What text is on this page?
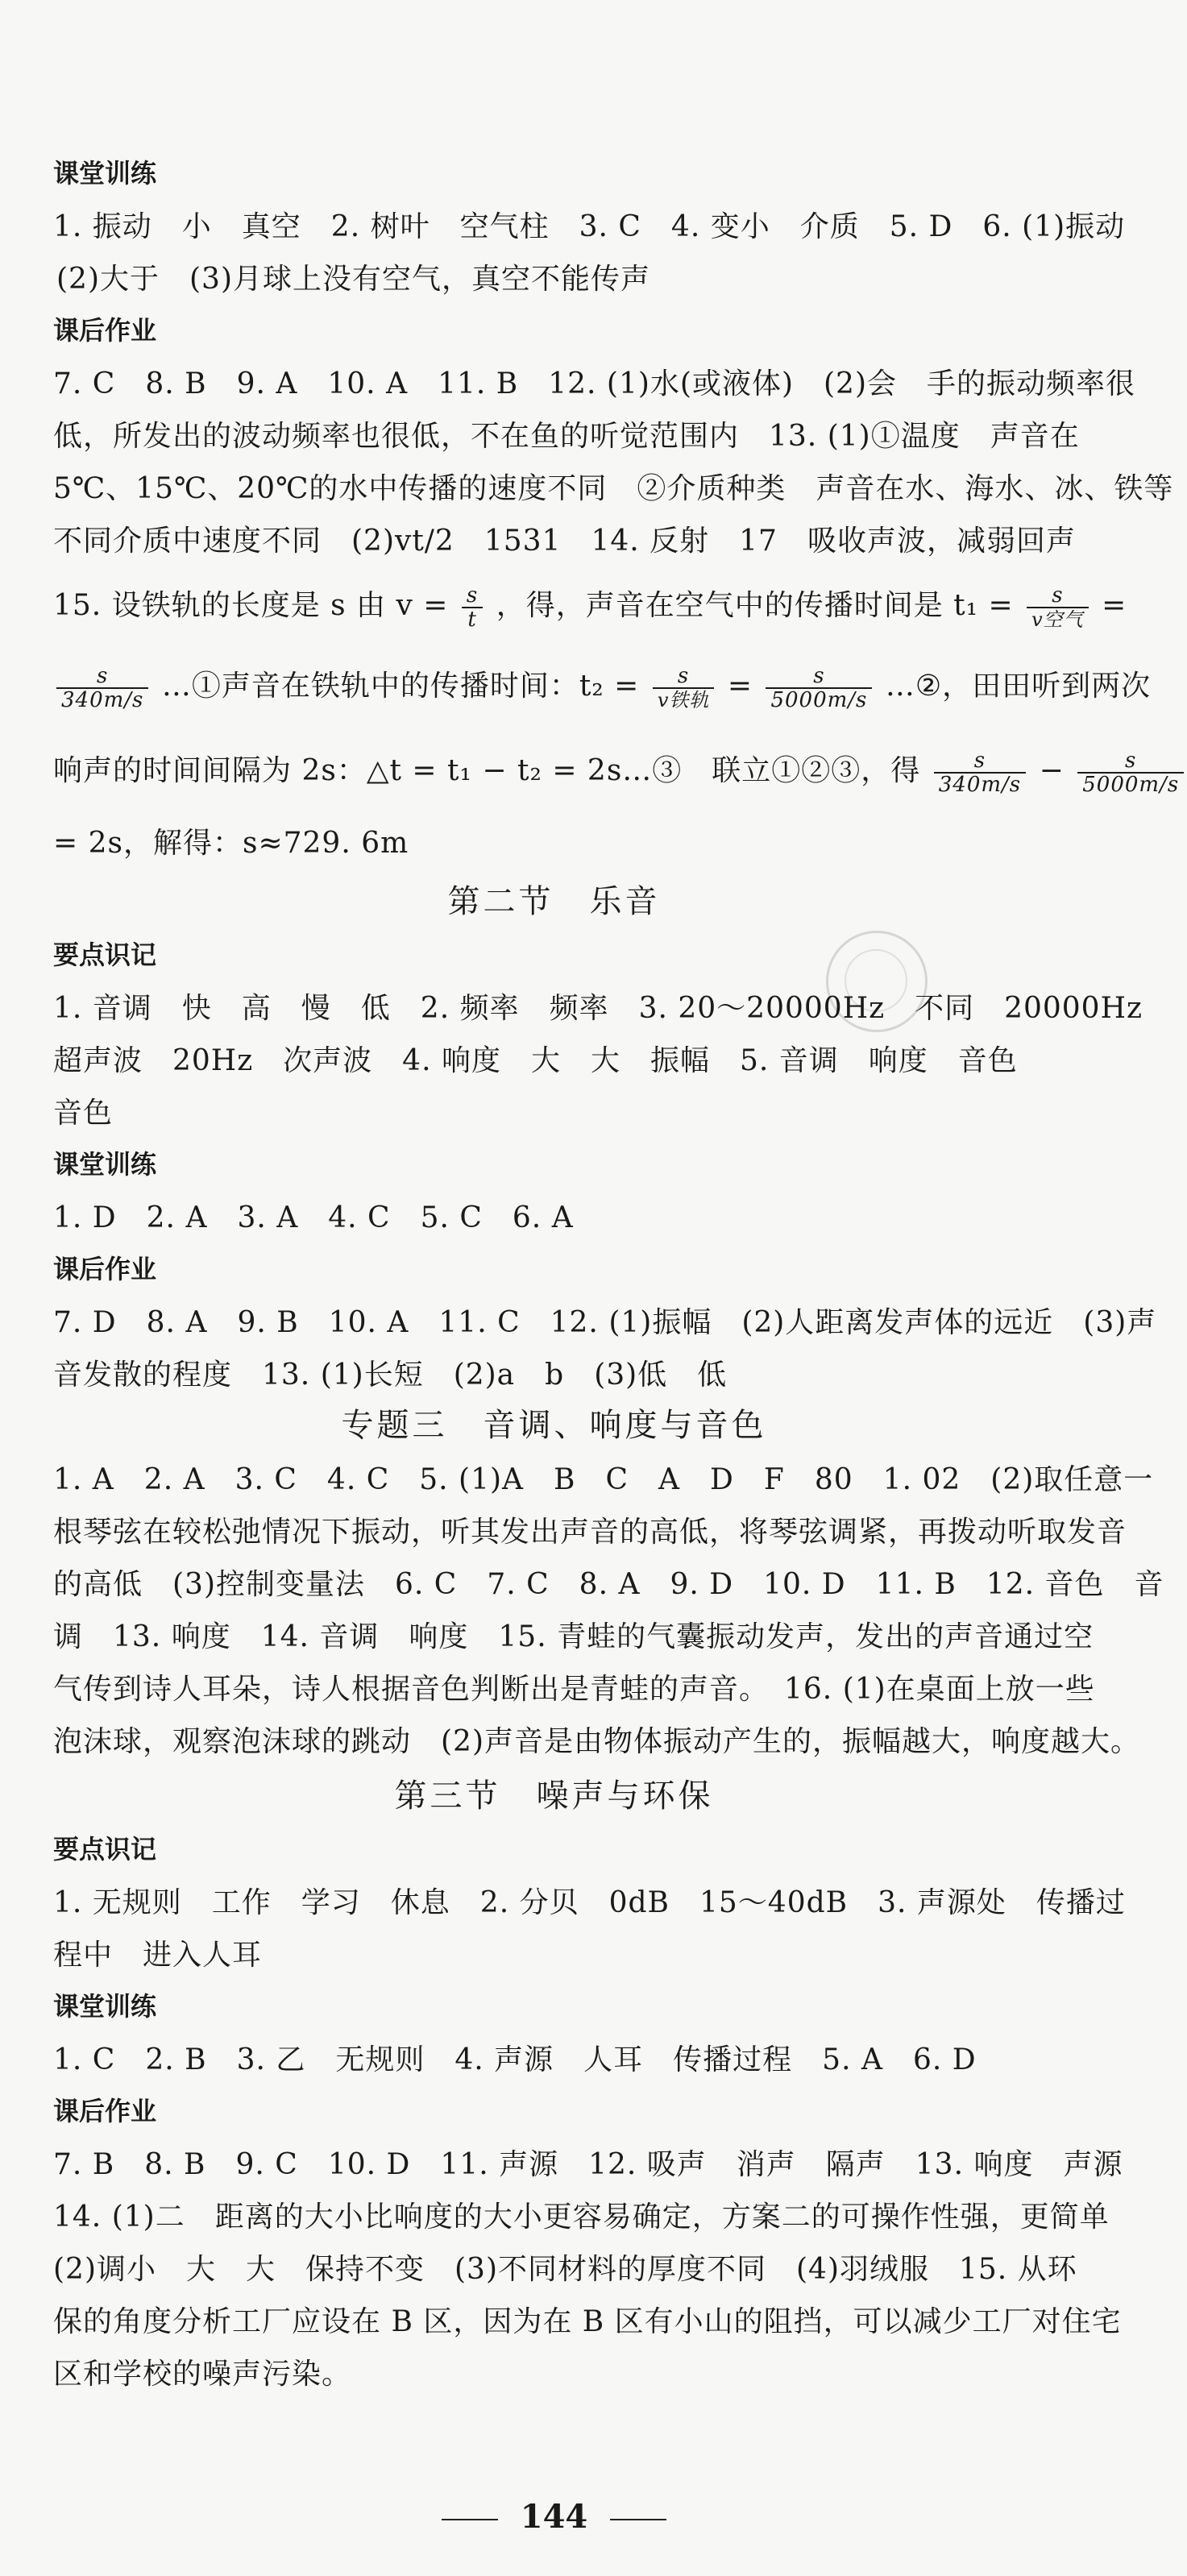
课堂训练
1. 振动　小　真空　2. 树叶　空气柱　3. C　4. 变小　介质　5. D　6. (1)振动
(2)大于　(3)月球上没有空气，真空不能传声
课后作业
7. C　8. B　9. A　10. A　11. B　12. (1)水(或液体)　(2)会　手的振动频率很
低，所发出的波动频率也很低，不在鱼的听觉范围内　13. (1)①温度　声音在
5℃、15℃、20℃的水中传播的速度不同　②介质种类　声音在水、海水、冰、铁等
不同介质中速度不同　(2)vt/2　1531　14. 反射　17　吸收声波，减弱回声
15. 设铁轨的长度是 s 由 $v = \frac{s}{t}$ ，得，声音在空气中的传播时间是 $t_1 = \frac{s}{\text{v空气}}$ =
$\frac{s}{340m/s}$ …①声音在铁轨中的传播时间：$t_2 = \frac{s}{\text{v铁轨}} = \frac{s}{5000m/s}$ …②，田田听到两次
响声的时间间隔为 2s：△t = t₁ − t₂ = 2s…③　联立①②③，得 $\frac{s}{340m/s} - \frac{s}{5000m/s}$
= 2s，解得：s≈729. 6m
第二节　乐音
要点识记
1. 音调　快　高　慢　低　2. 频率　频率　3. 20～20000Hz　不同　20000Hz
超声波　20Hz　次声波　4. 响度　大　大　振幅　5. 音调　响度　音色
音色
课堂训练
1. D　2. A　3. A　4. C　5. C　6. A
课后作业
7. D　8. A　9. B　10. A　11. C　12. (1)振幅　(2)人距离发声体的远近　(3)声
音发散的程度　13. (1)长短　(2)a　b　(3)低　低
专题三　音调、响度与音色
1. A　2. A　3. C　4. C　5. (1)A　B　C　A　D　F　80　1. 02　(2)取任意一
根琴弦在较松弛情况下振动，听其发出声音的高低，将琴弦调紧，再拨动听取发音
的高低　(3)控制变量法　6. C　7. C　8. A　9. D　10. D　11. B　12. 音色　音
调　13. 响度　14. 音调　响度　15. 青蛙的气囊振动发声，发出的声音通过空
气传到诗人耳朵，诗人根据音色判断出是青蛙的声音。　16. (1)在桌面上放一些
泡沫球，观察泡沫球的跳动　(2)声音是由物体振动产生的，振幅越大，响度越大。
第三节　噪声与环保
要点识记
1. 无规则　工作　学习　休息　2. 分贝　0dB　15～40dB　3. 声源处　传播过
程中　进入人耳
课堂训练
1. C　2. B　3. 乙　无规则　4. 声源　人耳　传播过程　5. A　6. D
课后作业
7. B　8. B　9. C　10. D　11. 声源　12. 吸声　消声　隔声　13. 响度　声源
14. (1)二　距离的大小比响度的大小更容易确定，方案二的可操作性强，更简单
(2)调小　大　大　保持不变　(3)不同材料的厚度不同　(4)羽绒服　15. 从环
保的角度分析工厂应设在 B 区，因为在 B 区有小山的阻挡，可以减少工厂对住宅
区和学校的噪声污染。
144
